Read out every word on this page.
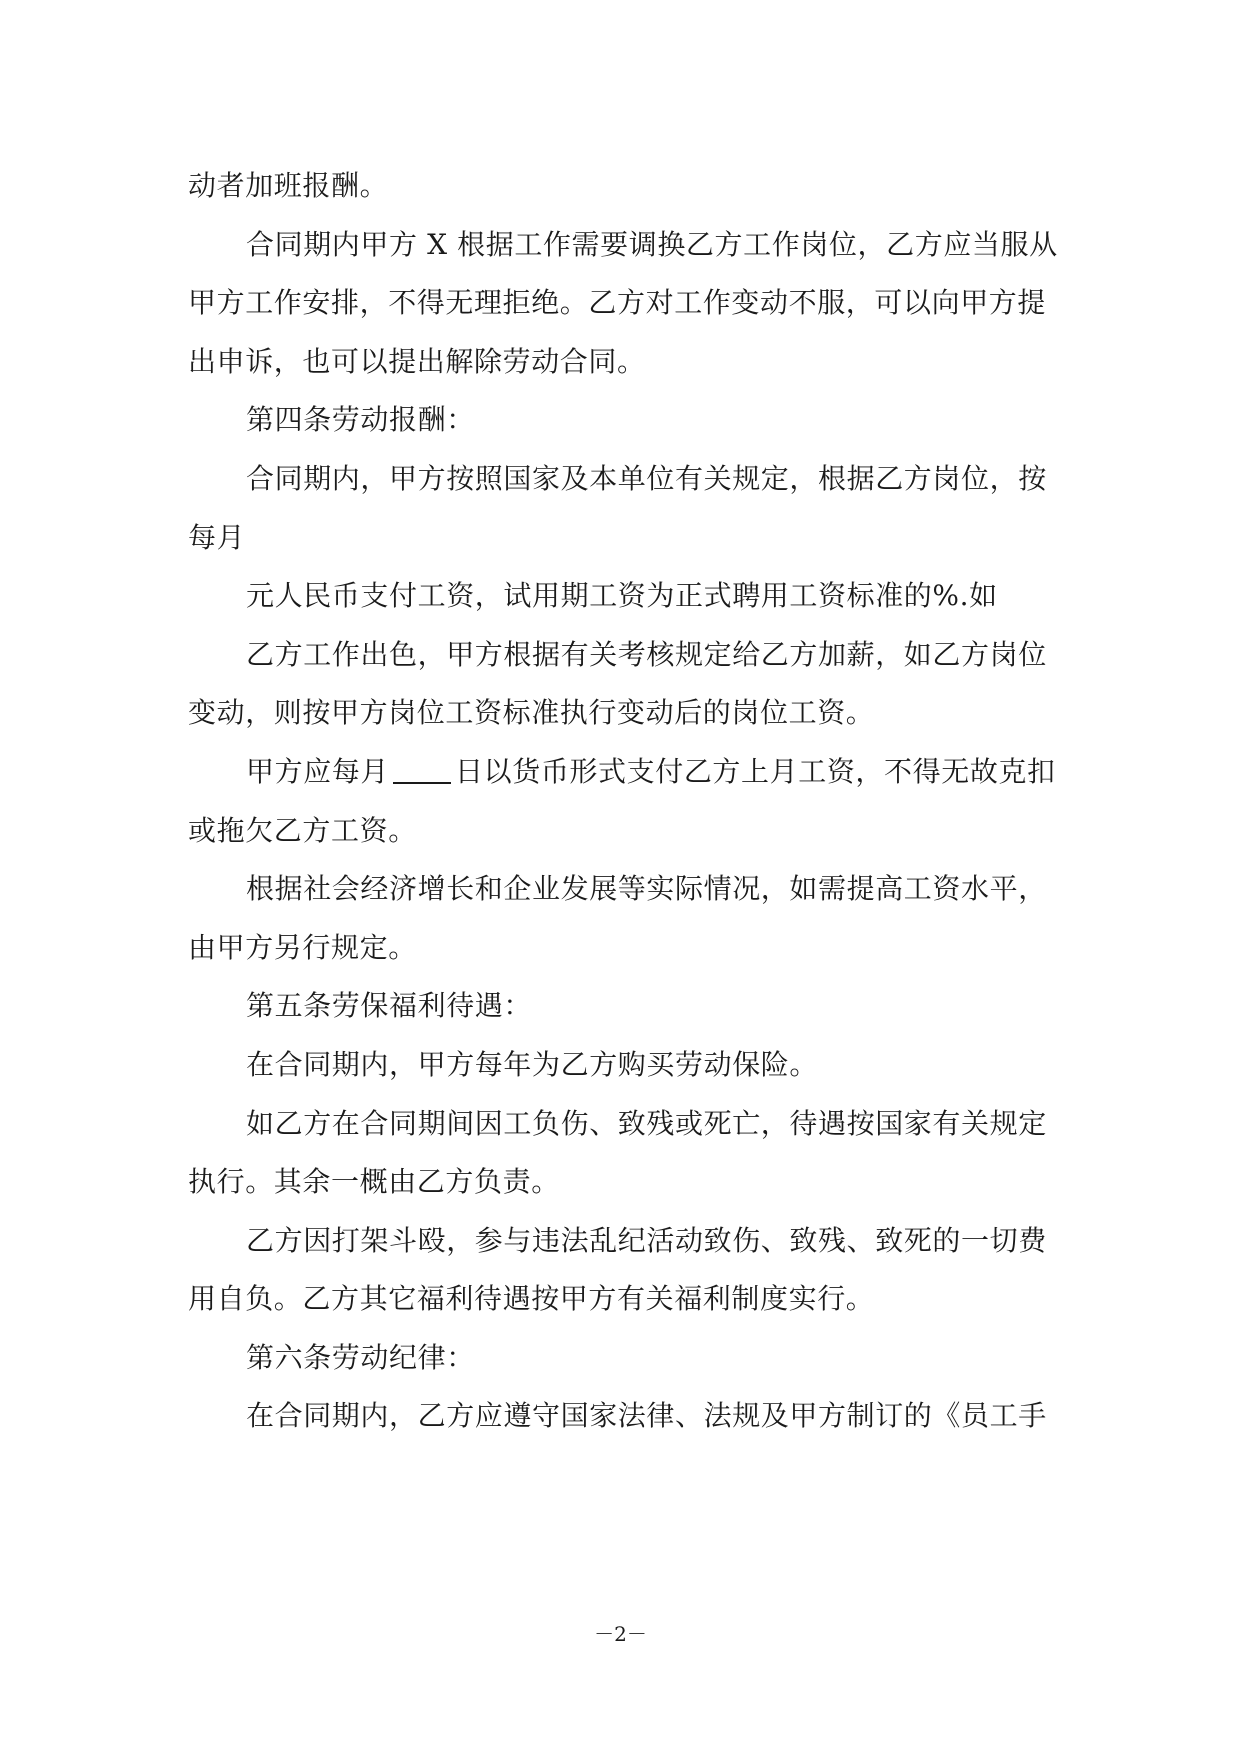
动者加班报酬。
合同期内甲方 X 根据工作需要调换乙方工作岗位，乙方应当服从
甲方工作安排，不得无理拒绝。乙方对工作变动不服，可以向甲方提
出申诉，也可以提出解除劳动合同。
第四条劳动报酬：
合同期内，甲方按照国家及本单位有关规定，根据乙方岗位，按
每月
元人民币支付工资，试用期工资为正式聘用工资标准的%.如
乙方工作出色，甲方根据有关考核规定给乙方加薪，如乙方岗位
变动，则按甲方岗位工资标准执行变动后的岗位工资。
甲方应每月 日以货币形式支付乙方上月工资，不得无故克扣
或拖欠乙方工资。
根据社会经济增长和企业发展等实际情况，如需提高工资水平，
由甲方另行规定。
第五条劳保福利待遇：
在合同期内，甲方每年为乙方购买劳动保险。
如乙方在合同期间因工负伤、致残或死亡，待遇按国家有关规定
执行。其余一概由乙方负责。
乙方因打架斗殴，参与违法乱纪活动致伤、致残、致死的一切费
用自负。乙方其它福利待遇按甲方有关福利制度实行。
第六条劳动纪律：
在合同期内，乙方应遵守国家法律、法规及甲方制订的《员工手
－2－
